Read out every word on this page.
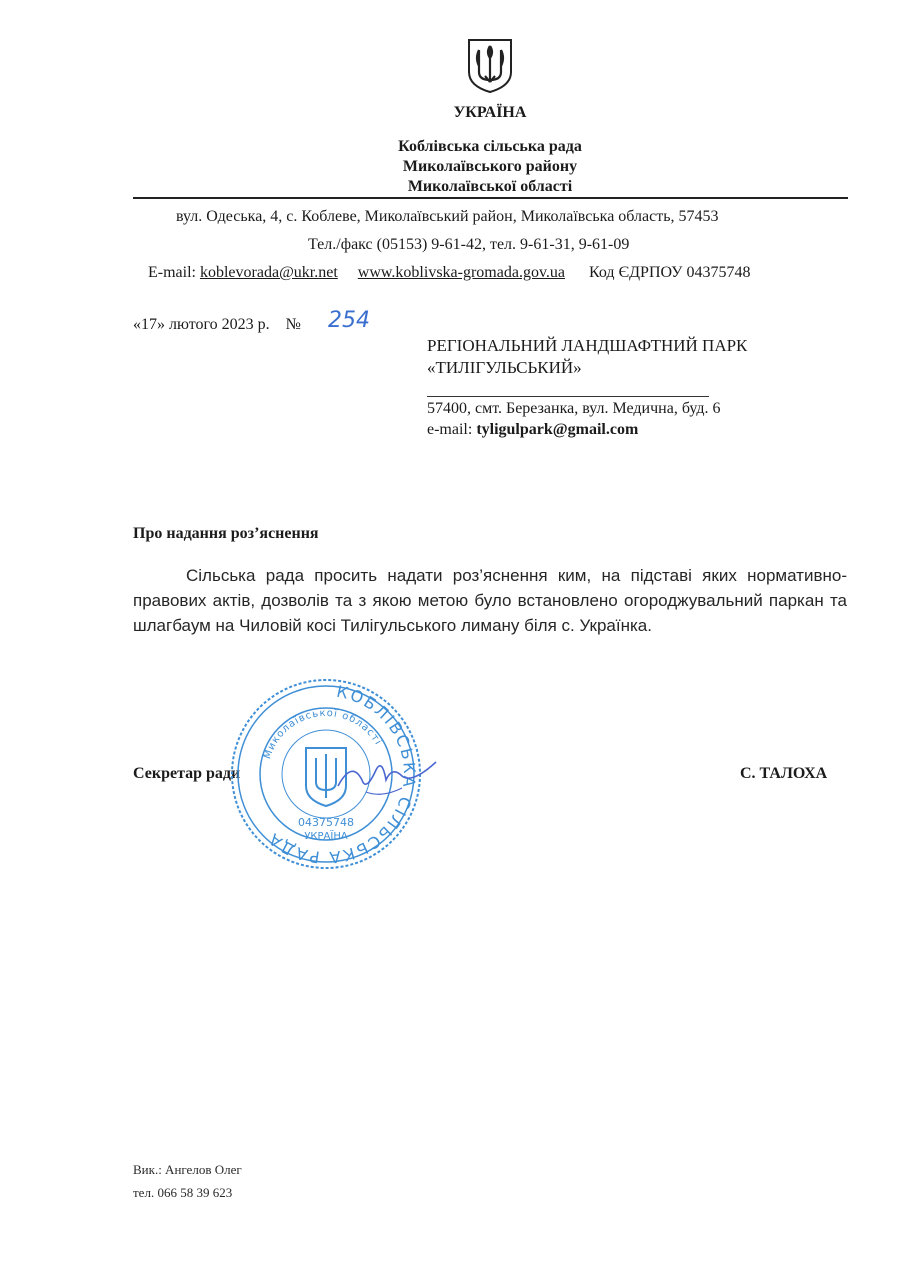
УКРАЇНА
Коблівська сільська рада
Миколаївського району
Миколаївської області
вул. Одеська, 4, с. Коблеве, Миколаївський район, Миколаївська область, 57453
Тел./факс (05153) 9-61-42, тел. 9-61-31, 9-61-09
E-mail: koblevorada@ukr.net www.koblivska-gromada.gov.ua Код ЄДРПОУ 04375748
«17» лютого 2023 р. № 254
РЕГІОНАЛЬНИЙ ЛАНДШАФТНИЙ ПАРК
«ТИЛІГУЛЬСЬКИЙ»
57400, смт. Березанка, вул. Медична, буд. 6
e-mail: tyligulpark@gmail.com
Про надання роз’яснення
Сільська рада просить надати роз’яснення ким, на підставі яких нормативно-правових актів, дозволів та з якою метою було встановлено огороджувальний паркан та шлагбаум на Чиловій косі Тилігульського лиману біля с. Українка.
Секретар ради	С. ТАЛОХА
КОБЛІВСЬКА СІЛЬСЬКА РАДА
Миколаївської області
04375748
УКРАЇНА
Вик.: Ангелов Олег
тел. 066 58 39 623
